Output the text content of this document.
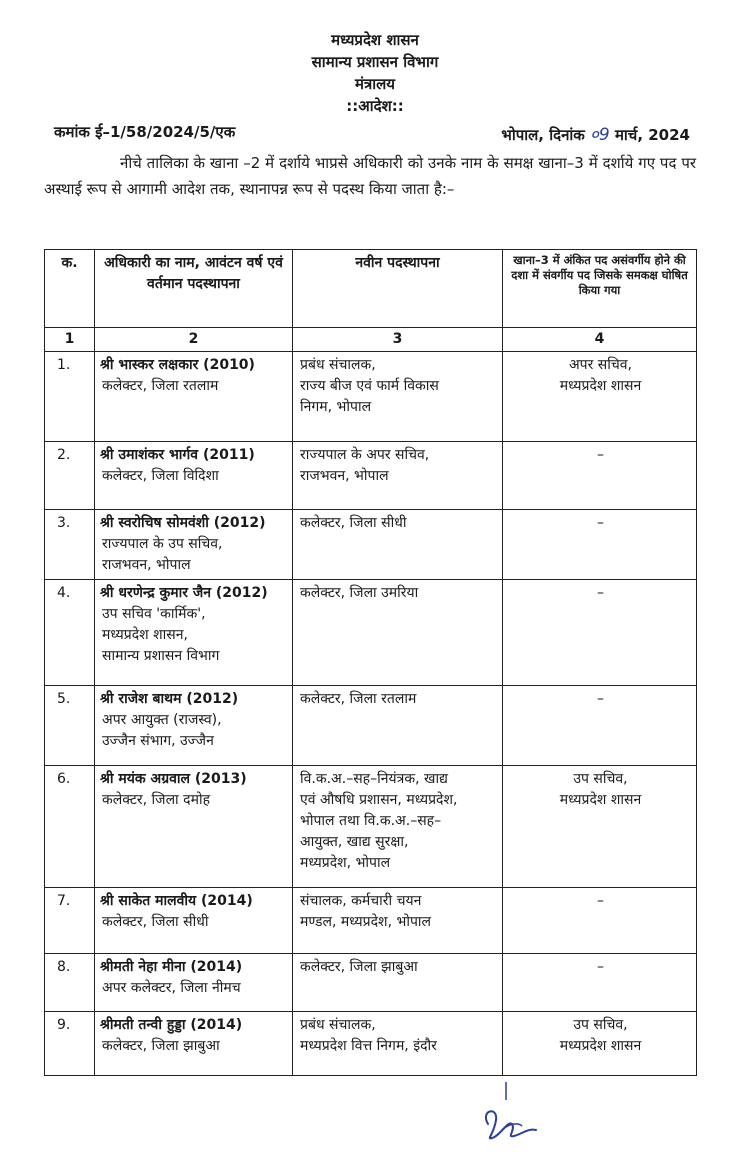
मध्यप्रदेश शासन
सामान्य प्रशासन विभाग
मंत्रालय
::आदेश::
कमांक ई–1/58/2024/5/एक	भोपाल, दिनांक ०9 मार्च, 2024
नीचे तालिका के खाना –2 में दर्शाये भाप्रसे अधिकारी को उनके नाम के समक्ष खाना–3 में दर्शाये गए पद पर अस्थाई रूप से आगामी आदेश तक, स्थानापन्न रूप से पदस्थ किया जाता है:–
क.	अधिकारी का नाम, आवंटन वर्ष एवं वर्तमान पदस्थापना	नवीन पदस्थापना	खाना–3 में अंकित पद असंवर्गीय होने की दशा में संवर्गीय पद जिसके समकक्ष घोषित किया गया
1	2	3	4
1.	श्री भास्कर लक्षकार (2010)
कलेक्टर, जिला रतलाम	प्रबंध संचालक,
राज्य बीज एवं फार्म विकास
निगम, भोपाल	अपर सचिव,
मध्यप्रदेश शासन

2.	श्री उमाशंकर भार्गव (2011)
कलेक्टर, जिला विदिशा	राज्यपाल के अपर सचिव,
राजभवन, भोपाल	–

3.	श्री स्वरोचिष सोमवंशी (2012)
राज्यपाल के उप सचिव,
राजभवन, भोपाल	कलेक्टर, जिला सीधी	–

4.	श्री धरणेन्द्र कुमार जैन (2012)
उप सचिव 'कार्मिक',
मध्यप्रदेश शासन,
सामान्य प्रशासन विभाग	कलेक्टर, जिला उमरिया	–

5.	श्री राजेश बाथम (2012)
अपर आयुक्त (राजस्व),
उज्जैन संभाग, उज्जैन	कलेक्टर, जिला रतलाम	–

6.	श्री मयंक अग्रवाल (2013)
कलेक्टर, जिला दमोह	वि.क.अ.–सह–नियंत्रक, खाद्य
एवं औषधि प्रशासन, मध्यप्रदेश,
भोपाल तथा वि.क.अ.–सह–
आयुक्त, खाद्य सुरक्षा,
मध्यप्रदेश, भोपाल	उप सचिव,
मध्यप्रदेश शासन

7.	श्री साकेत मालवीय (2014)
कलेक्टर, जिला सीधी	संचालक, कर्मचारी चयन
मण्डल, मध्यप्रदेश, भोपाल	–

8.	श्रीमती नेहा मीना (2014)
अपर कलेक्टर, जिला नीमच	कलेक्टर, जिला झाबुआ	–

9.	श्रीमती तन्वी हुड्डा (2014)
कलेक्टर, जिला झाबुआ	प्रबंध संचालक,
मध्यप्रदेश वित्त निगम, इंदौर	उप सचिव,
मध्यप्रदेश शासन
